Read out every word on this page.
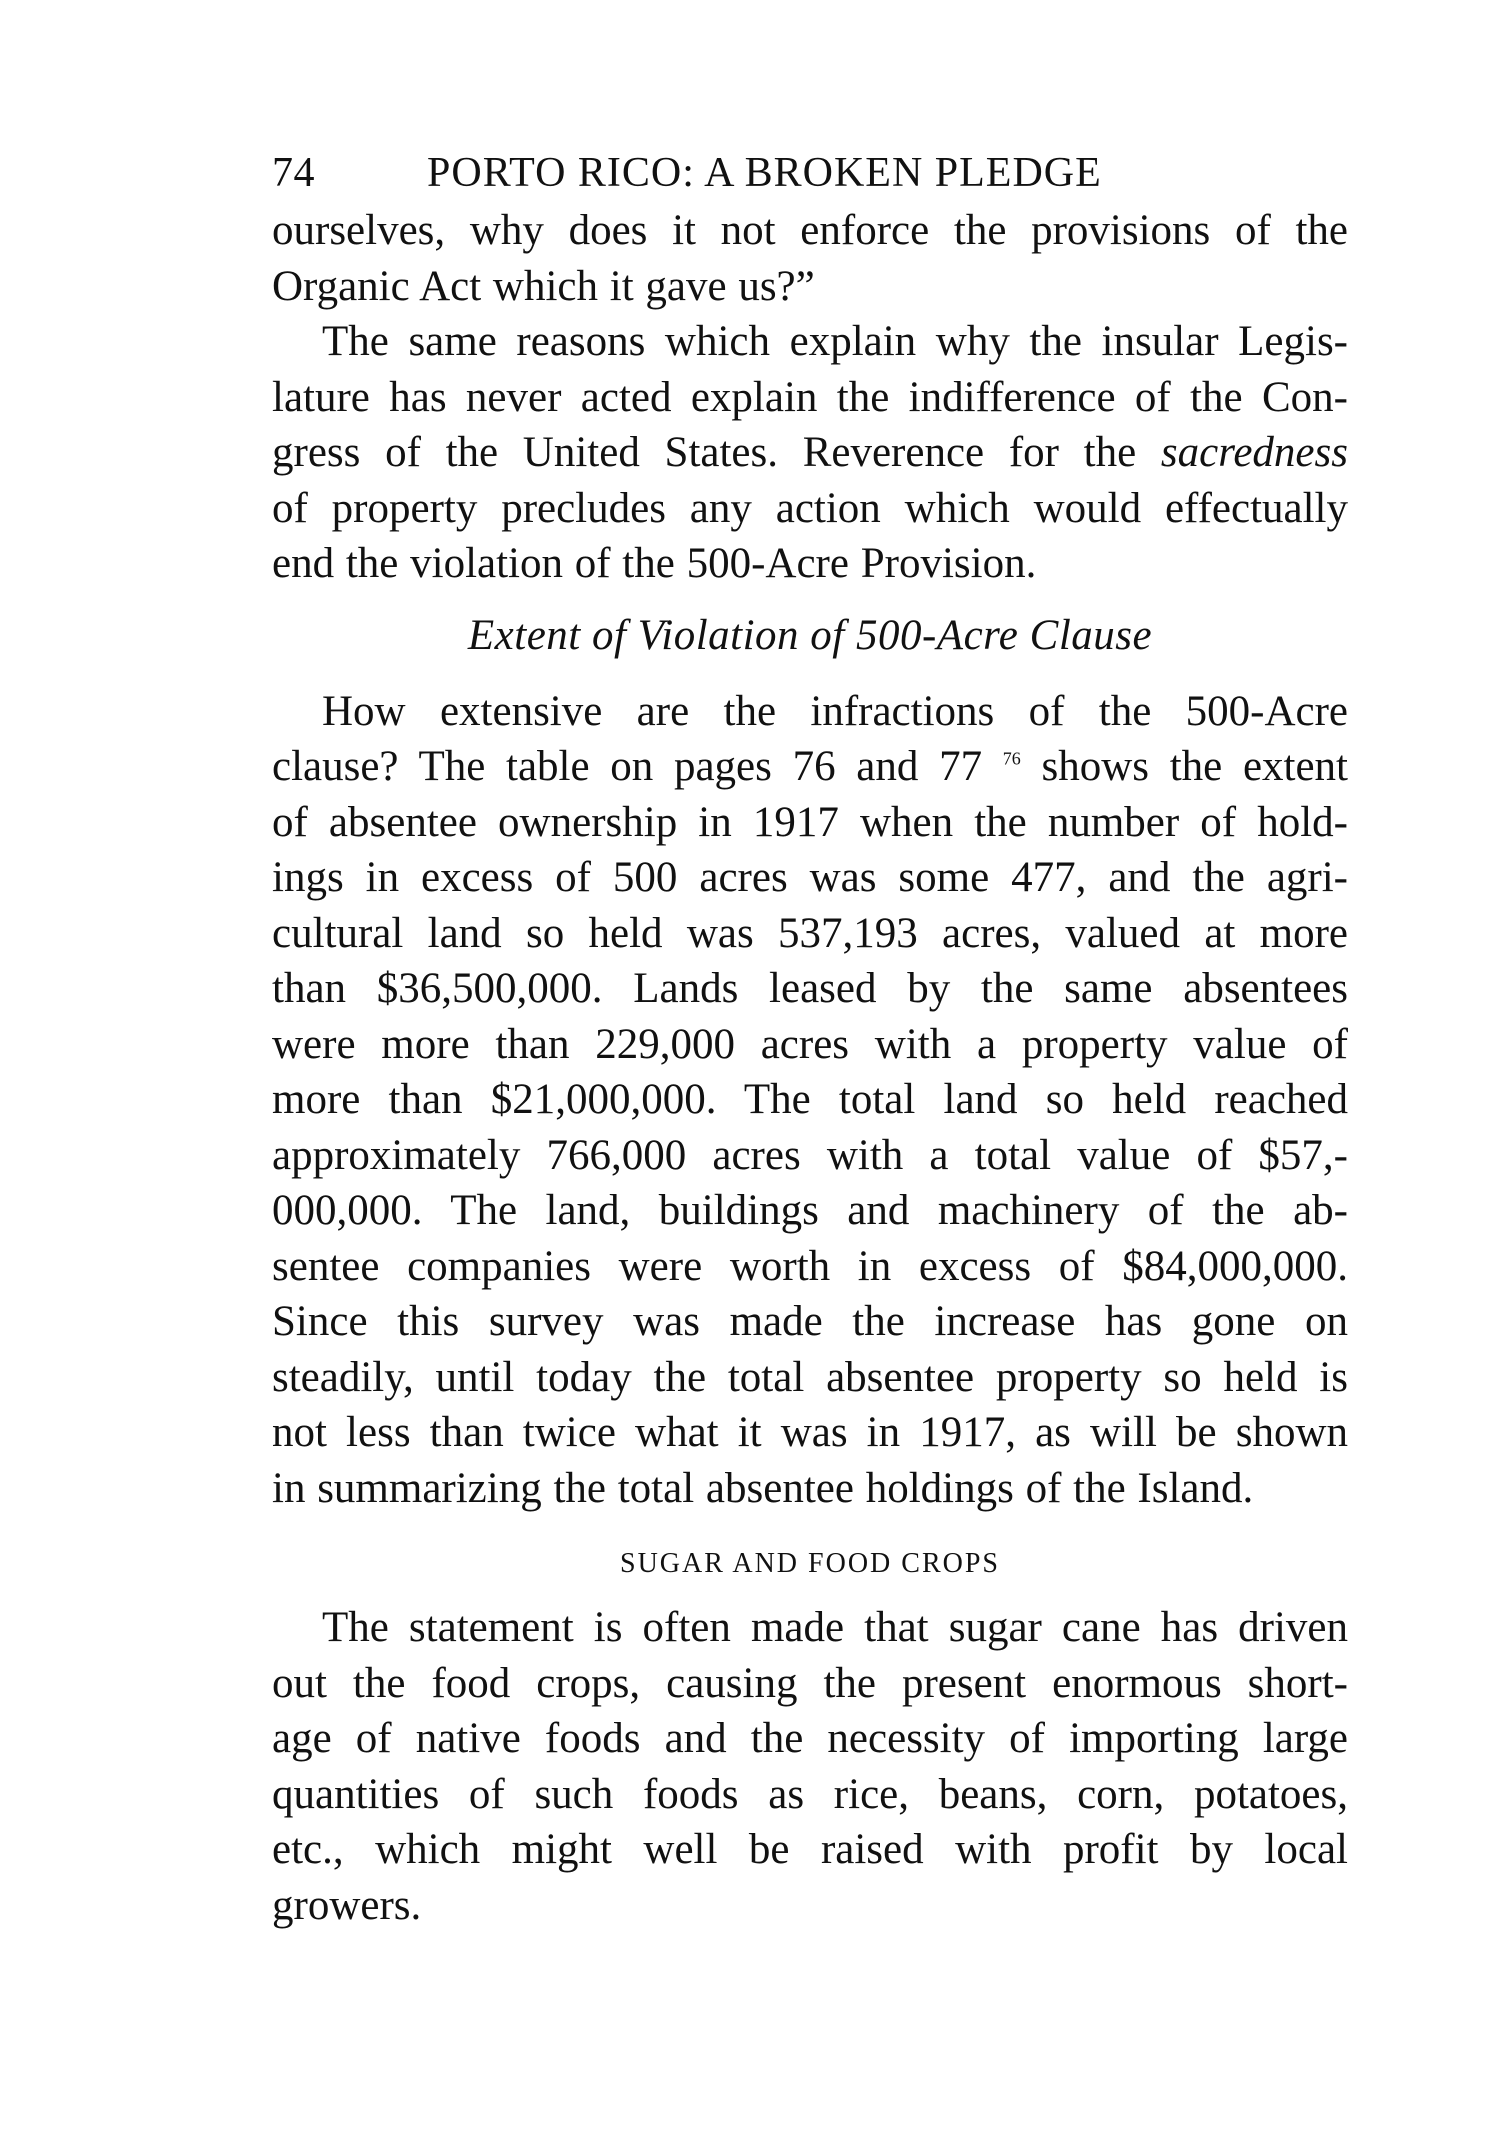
74	PORTO RICO: A BROKEN PLEDGE

ourselves, why does it not enforce the provisions of the
Organic Act which it gave us?”

The same reasons which explain why the insular Legis-
lature has never acted explain the indifference of the Con-
gress of the United States. Reverence for the sacredness
of property precludes any action which would effectually
end the violation of the 500-Acre Provision.

Extent of Violation of 500-Acre Clause

How extensive are the infractions of the 500-Acre
clause? The table on pages 76 and 77 $^{76}$ shows the extent
of absentee ownership in 1917 when the number of hold-
ings in excess of 500 acres was some 477, and the agri-
cultural land so held was 537,193 acres, valued at more
than $36,500,000. Lands leased by the same absentees
were more than 229,000 acres with a property value of
more than $21,000,000. The total land so held reached
approximately 766,000 acres with a total value of $57,-
000,000. The land, buildings and machinery of the ab-
sentee companies were worth in excess of $84,000,000.
Since this survey was made the increase has gone on
steadily, until today the total absentee property so held is
not less than twice what it was in 1917, as will be shown
in summarizing the total absentee holdings of the Island.

SUGAR AND FOOD CROPS

The statement is often made that sugar cane has driven
out the food crops, causing the present enormous short-
age of native foods and the necessity of importing large
quantities of such foods as rice, beans, corn, potatoes,
etc., which might well be raised with profit by local
growers.
